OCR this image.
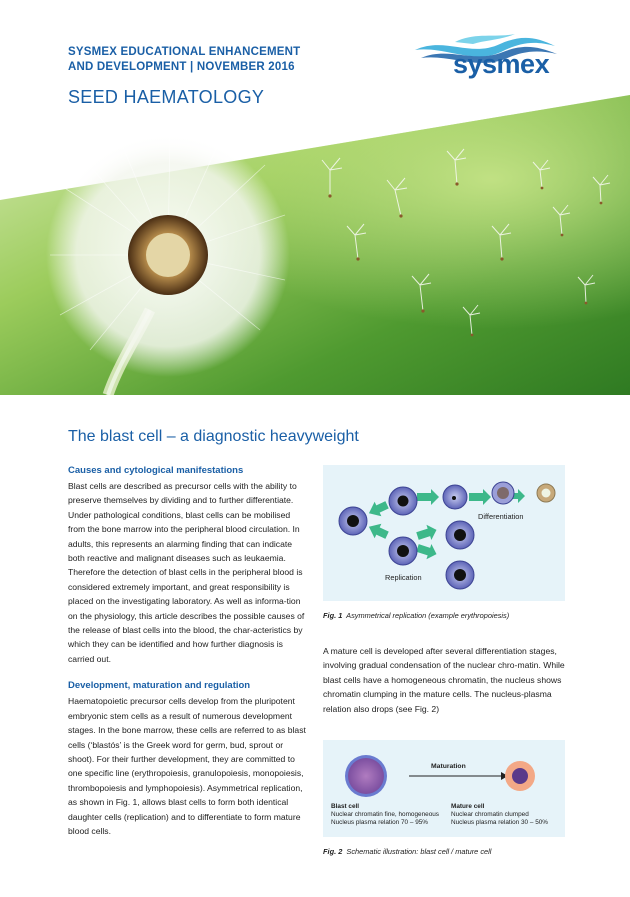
SYSMEX EDUCATIONAL ENHANCEMENT
AND DEVELOPMENT | NOVEMBER 2016
SEED HAEMATOLOGY
sysmex
The blast cell – a diagnostic heavyweight
Causes and cytological manifestations
Blast cells are described as precursor cells with the ability to preserve themselves by dividing and to further differentiate. Under pathological conditions, blast cells can be mobilised from the bone marrow into the peripheral blood circulation. In adults, this represents an alarming finding that can indicate both reactive and malignant diseases such as leukaemia. Therefore the detection of blast cells in the peripheral blood is considered extremely important, and great responsibility is placed on the investigating laboratory. As well as informa-tion on the physiology, this article describes the possible causes of the release of blast cells into the blood, the char-acteristics by which they can be identified and how further diagnosis is carried out.
Development, maturation and regulation
Haematopoietic precursor cells develop from the pluripotent embryonic stem cells as a result of numerous development stages. In the bone marrow, these cells are referred to as blast cells (‘blastós’ is the Greek word for germ, bud, sprout or shoot). For their further development, they are committed to one specific line (erythropoiesis, granulopoiesis, monopoiesis, thrombopoiesis and lymphopoiesis). Asymmetrical replication, as shown in Fig. 1, allows blast cells to form both identical daughter cells (replication) and to differentiate to form mature blood cells.
Differentiation
Replication
Fig. 1 Asymmetrical replication (example erythropoiesis)
A mature cell is developed after several differentiation stages, involving gradual condensation of the nuclear chro-matin. While blast cells have a homogeneous chromatin, the nucleus shows chromatin clumping in the mature cells. The nucleus-plasma relation also drops (see Fig. 2)
Maturation
Blast cell
Nuclear chromatin fine, homogeneous
Nucleus plasma relation 70 – 95%
Mature cell
Nuclear chromatin clumped
Nucleus plasma relation 30 – 50%
Fig. 2 Schematic illustration: blast cell / mature cell
